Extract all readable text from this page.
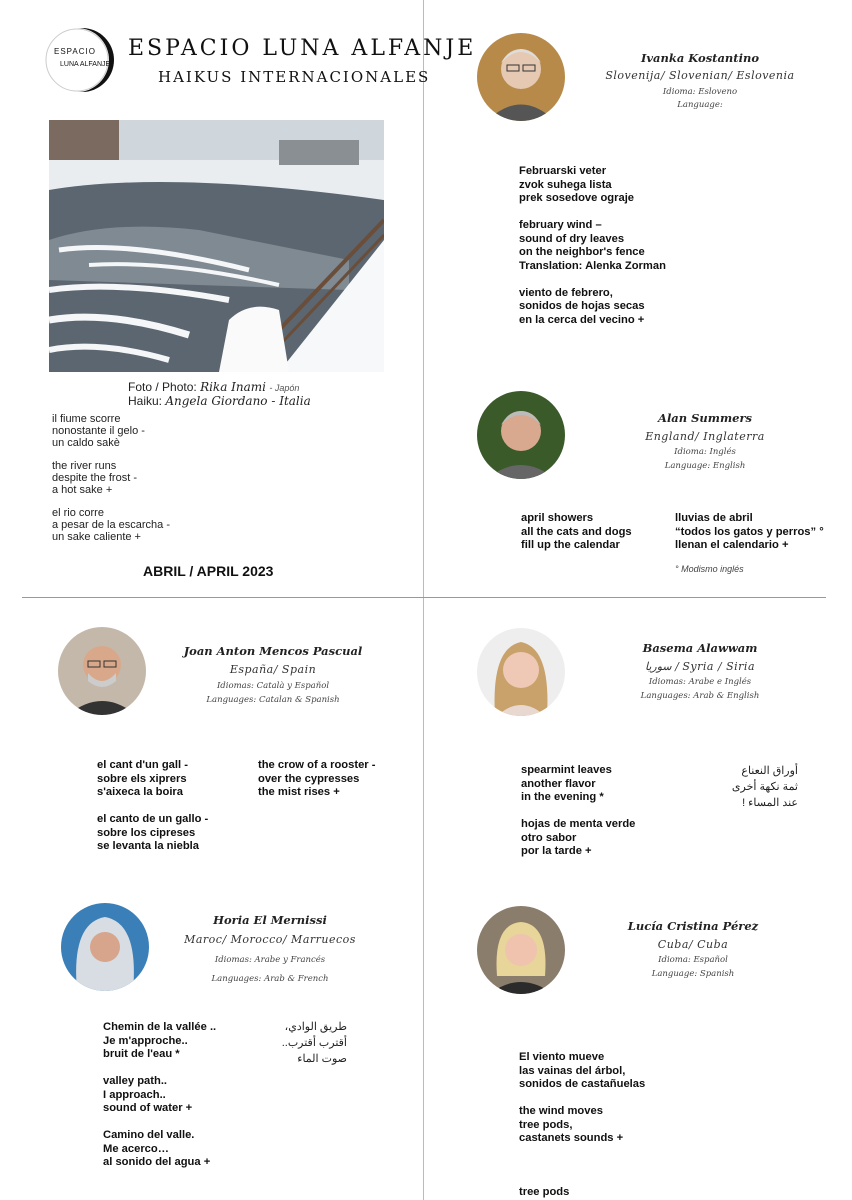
ESPACIO
LUNA ALFANJE
ESPACIO LUNA ALFANJE
HAIKUS INTERNACIONALES
Foto / Photo: Rika Inami - Japón
Haiku: Angela Giordano - Italia
il fiume scorre
nonostante il gelo -
un caldo sakè

the river runs
despite the frost -
a hot sake +

el rio corre
a pesar de la escarcha -
un sake caliente +
ABRIL / APRIL 2023
Ivanka Kostantino
Slovenija/ Slovenian/ Eslovenia
Idioma: Esloveno
Language:
Februarski veter
zvok suhega lista
prek sosedove ograje

february wind –
sound of dry leaves
on the neighbor's fence
Translation: Alenka Zorman

viento de febrero,
sonidos de hojas secas
en la cerca del vecino +
Alan Summers
England/ Inglaterra
Idioma: Inglés
Language: English
april showers
all the cats and dogs
fill up the calendar
lluvias de abril
“todos los gatos y perros” °
llenan el calendario +
° Modismo inglés
Joan Anton Mencos Pascual
España/ Spain
Idiomas: Català y Español
Languages: Catalan & Spanish
el cant d'un gall -
sobre els xiprers
s'aixeca la boira

el canto de un gallo -
sobre los cipreses
se levanta la niebla
the crow of a rooster -
over the cypresses
the mist rises +
Basema Alawwam
سوريا / Syria / Siria
Idiomas: Arabe e Inglés
Languages: Arab & English
spearmint leaves
another flavor
in the evening *

hojas de menta verde
otro sabor
por la tarde +
أوراق النعناع
ثمة نكهة أخرى
عند المساء !
Horia El Mernissi
Maroc/ Morocco/ Marruecos
Idiomas: Arabe y Francés
Languages: Arab & French
Chemin de la vallée ..
Je m'approche..
bruit de l'eau *

valley path..
I approach..
sound of water +

Camino del valle.
Me acerco…
al sonido del agua +
طريق الوادي،
أقترب أقترب..
صوت الماء
Lucía Cristina Pérez
Cuba/ Cuba
Idioma: Español
Language: Spanish
El viento mueve
las vainas del árbol,
sonidos de castañuelas

the wind moves
tree pods,
castanets sounds +

tree pods
